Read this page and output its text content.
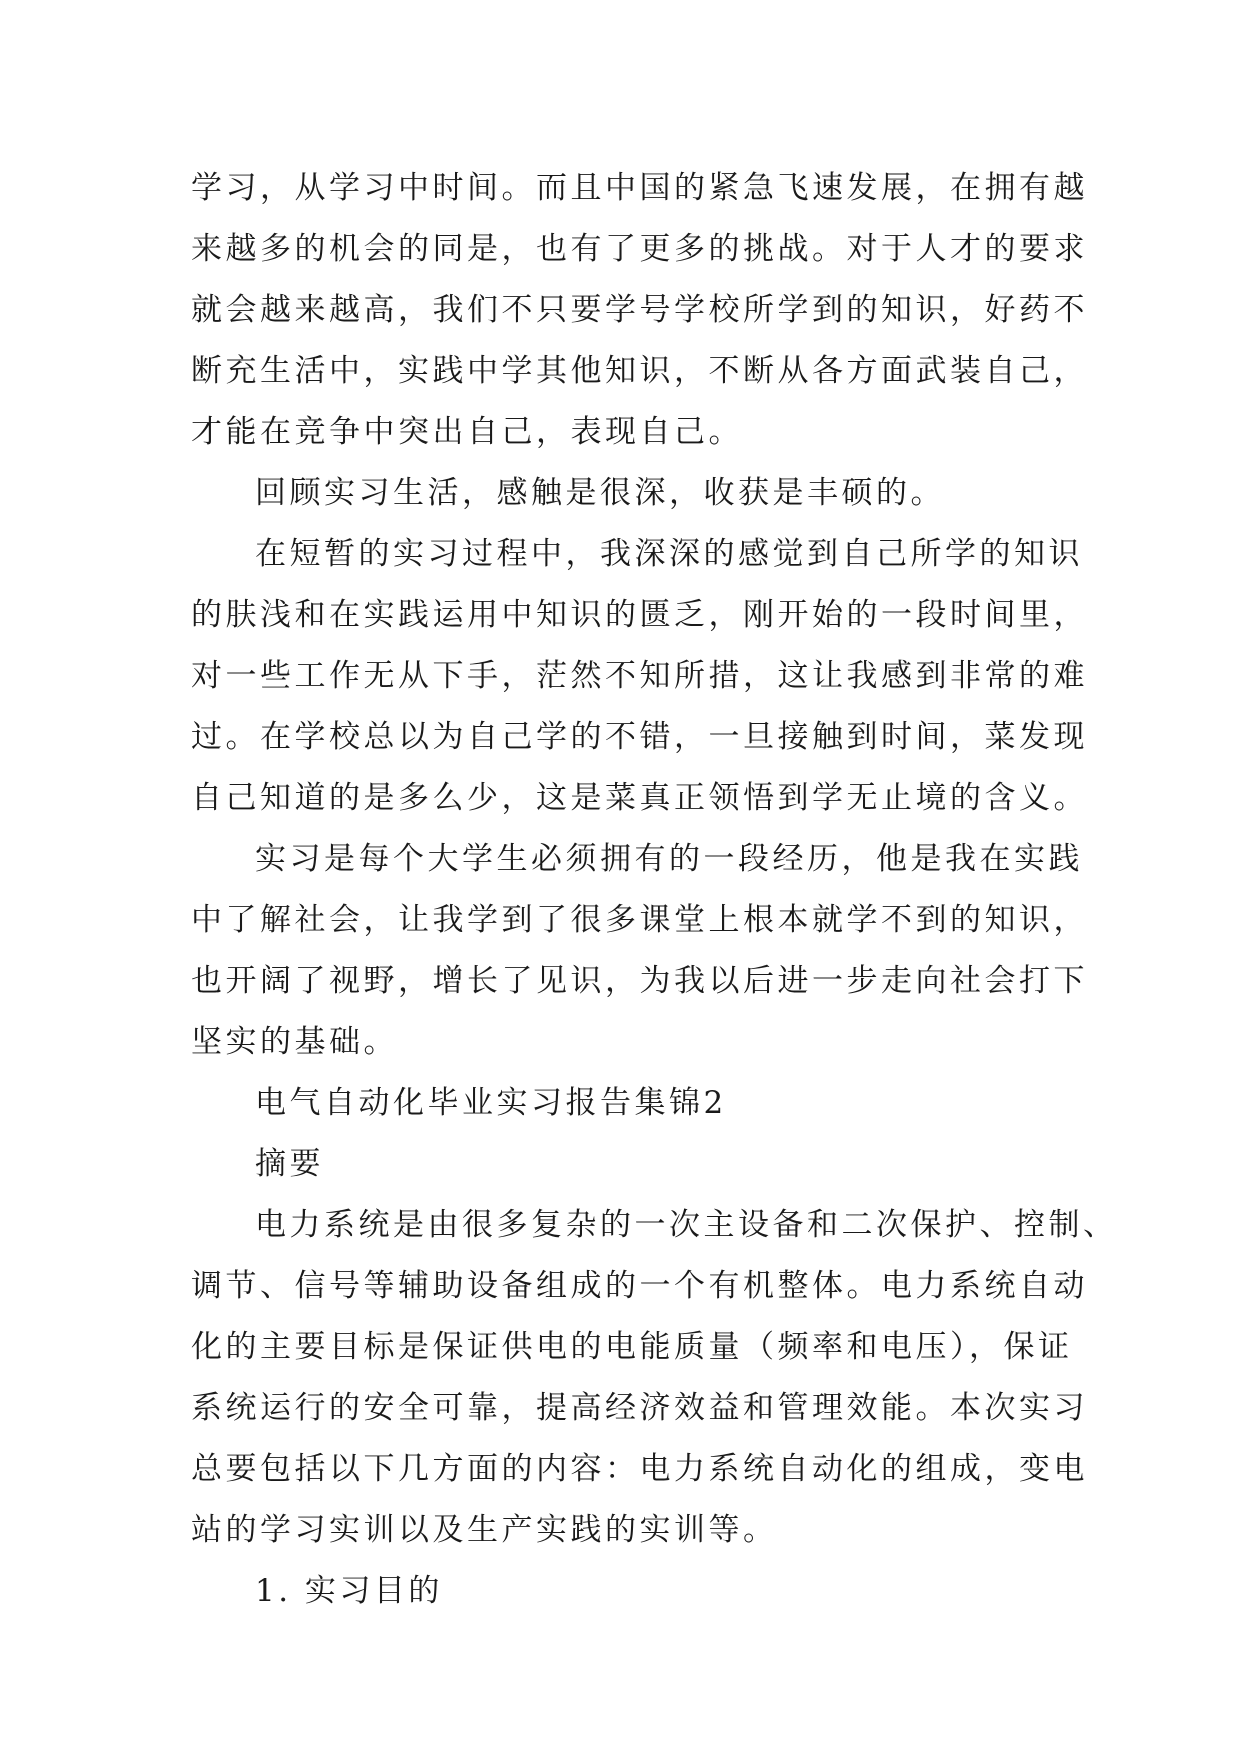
学习，从学习中时间。而且中国的紧急飞速发展，在拥有越
来越多的机会的同是，也有了更多的挑战。对于人才的要求
就会越来越高，我们不只要学号学校所学到的知识，好药不
断充生活中，实践中学其他知识，不断从各方面武装自己，
才能在竞争中突出自己，表现自己。
回顾实习生活，感触是很深，收获是丰硕的。
在短暂的实习过程中，我深深的感觉到自己所学的知识
的肤浅和在实践运用中知识的匮乏，刚开始的一段时间里，
对一些工作无从下手，茫然不知所措，这让我感到非常的难
过。在学校总以为自己学的不错，一旦接触到时间，菜发现
自己知道的是多么少，这是菜真正领悟到学无止境的含义。
实习是每个大学生必须拥有的一段经历，他是我在实践
中了解社会，让我学到了很多课堂上根本就学不到的知识，
也开阔了视野，增长了见识，为我以后进一步走向社会打下
坚实的基础。
电气自动化毕业实习报告集锦2
摘要
电力系统是由很多复杂的一次主设备和二次保护、控制、
调节、信号等辅助设备组成的一个有机整体。电力系统自动
化的主要目标是保证供电的电能质量（频率和电压），保证
系统运行的安全可靠，提高经济效益和管理效能。本次实习
总要包括以下几方面的内容：电力系统自动化的组成，变电
站的学习实训以及生产实践的实训等。
1. 实习目的
